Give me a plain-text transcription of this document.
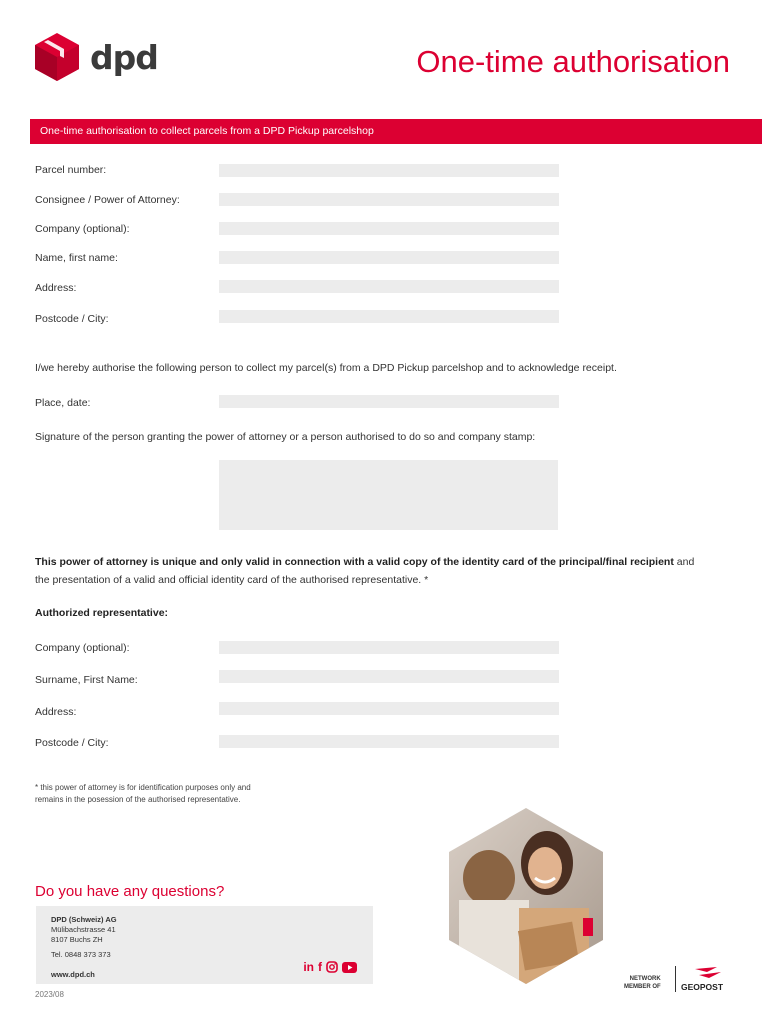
dpd	One-time authorisation
One-time authorisation to collect parcels from a DPD Pickup parcelshop
Parcel number:
Consignee / Power of Attorney:
Company (optional):
Name, first name:
Address:
Postcode / City:

I/we hereby authorise the following person to collect my parcel(s) from a DPD Pickup parcelshop and to acknowledge receipt.

Place, date:

Signature of the person granting the power of attorney or a person authorised to do so and company stamp:

This power of attorney is unique and only valid in connection with a valid copy of the identity card of the principal/final recipient and

the presentation of a valid and official identity card of the authorised representative. *

Authorized representative:

Company (optional):
Surname, First Name:
Address:
Postcode / City:
* this power of attorney is for identification purposes only and
remains in the posession of the authorised representative.
Do you have any questions?
DPD (Schweiz) AG
Mülibachstrasse 41
8107 Buchs ZH
Tel. 0848 373 373
www.dpd.ch
in f
NETWORK
MEMBER OF GEOPOST
2023/08
